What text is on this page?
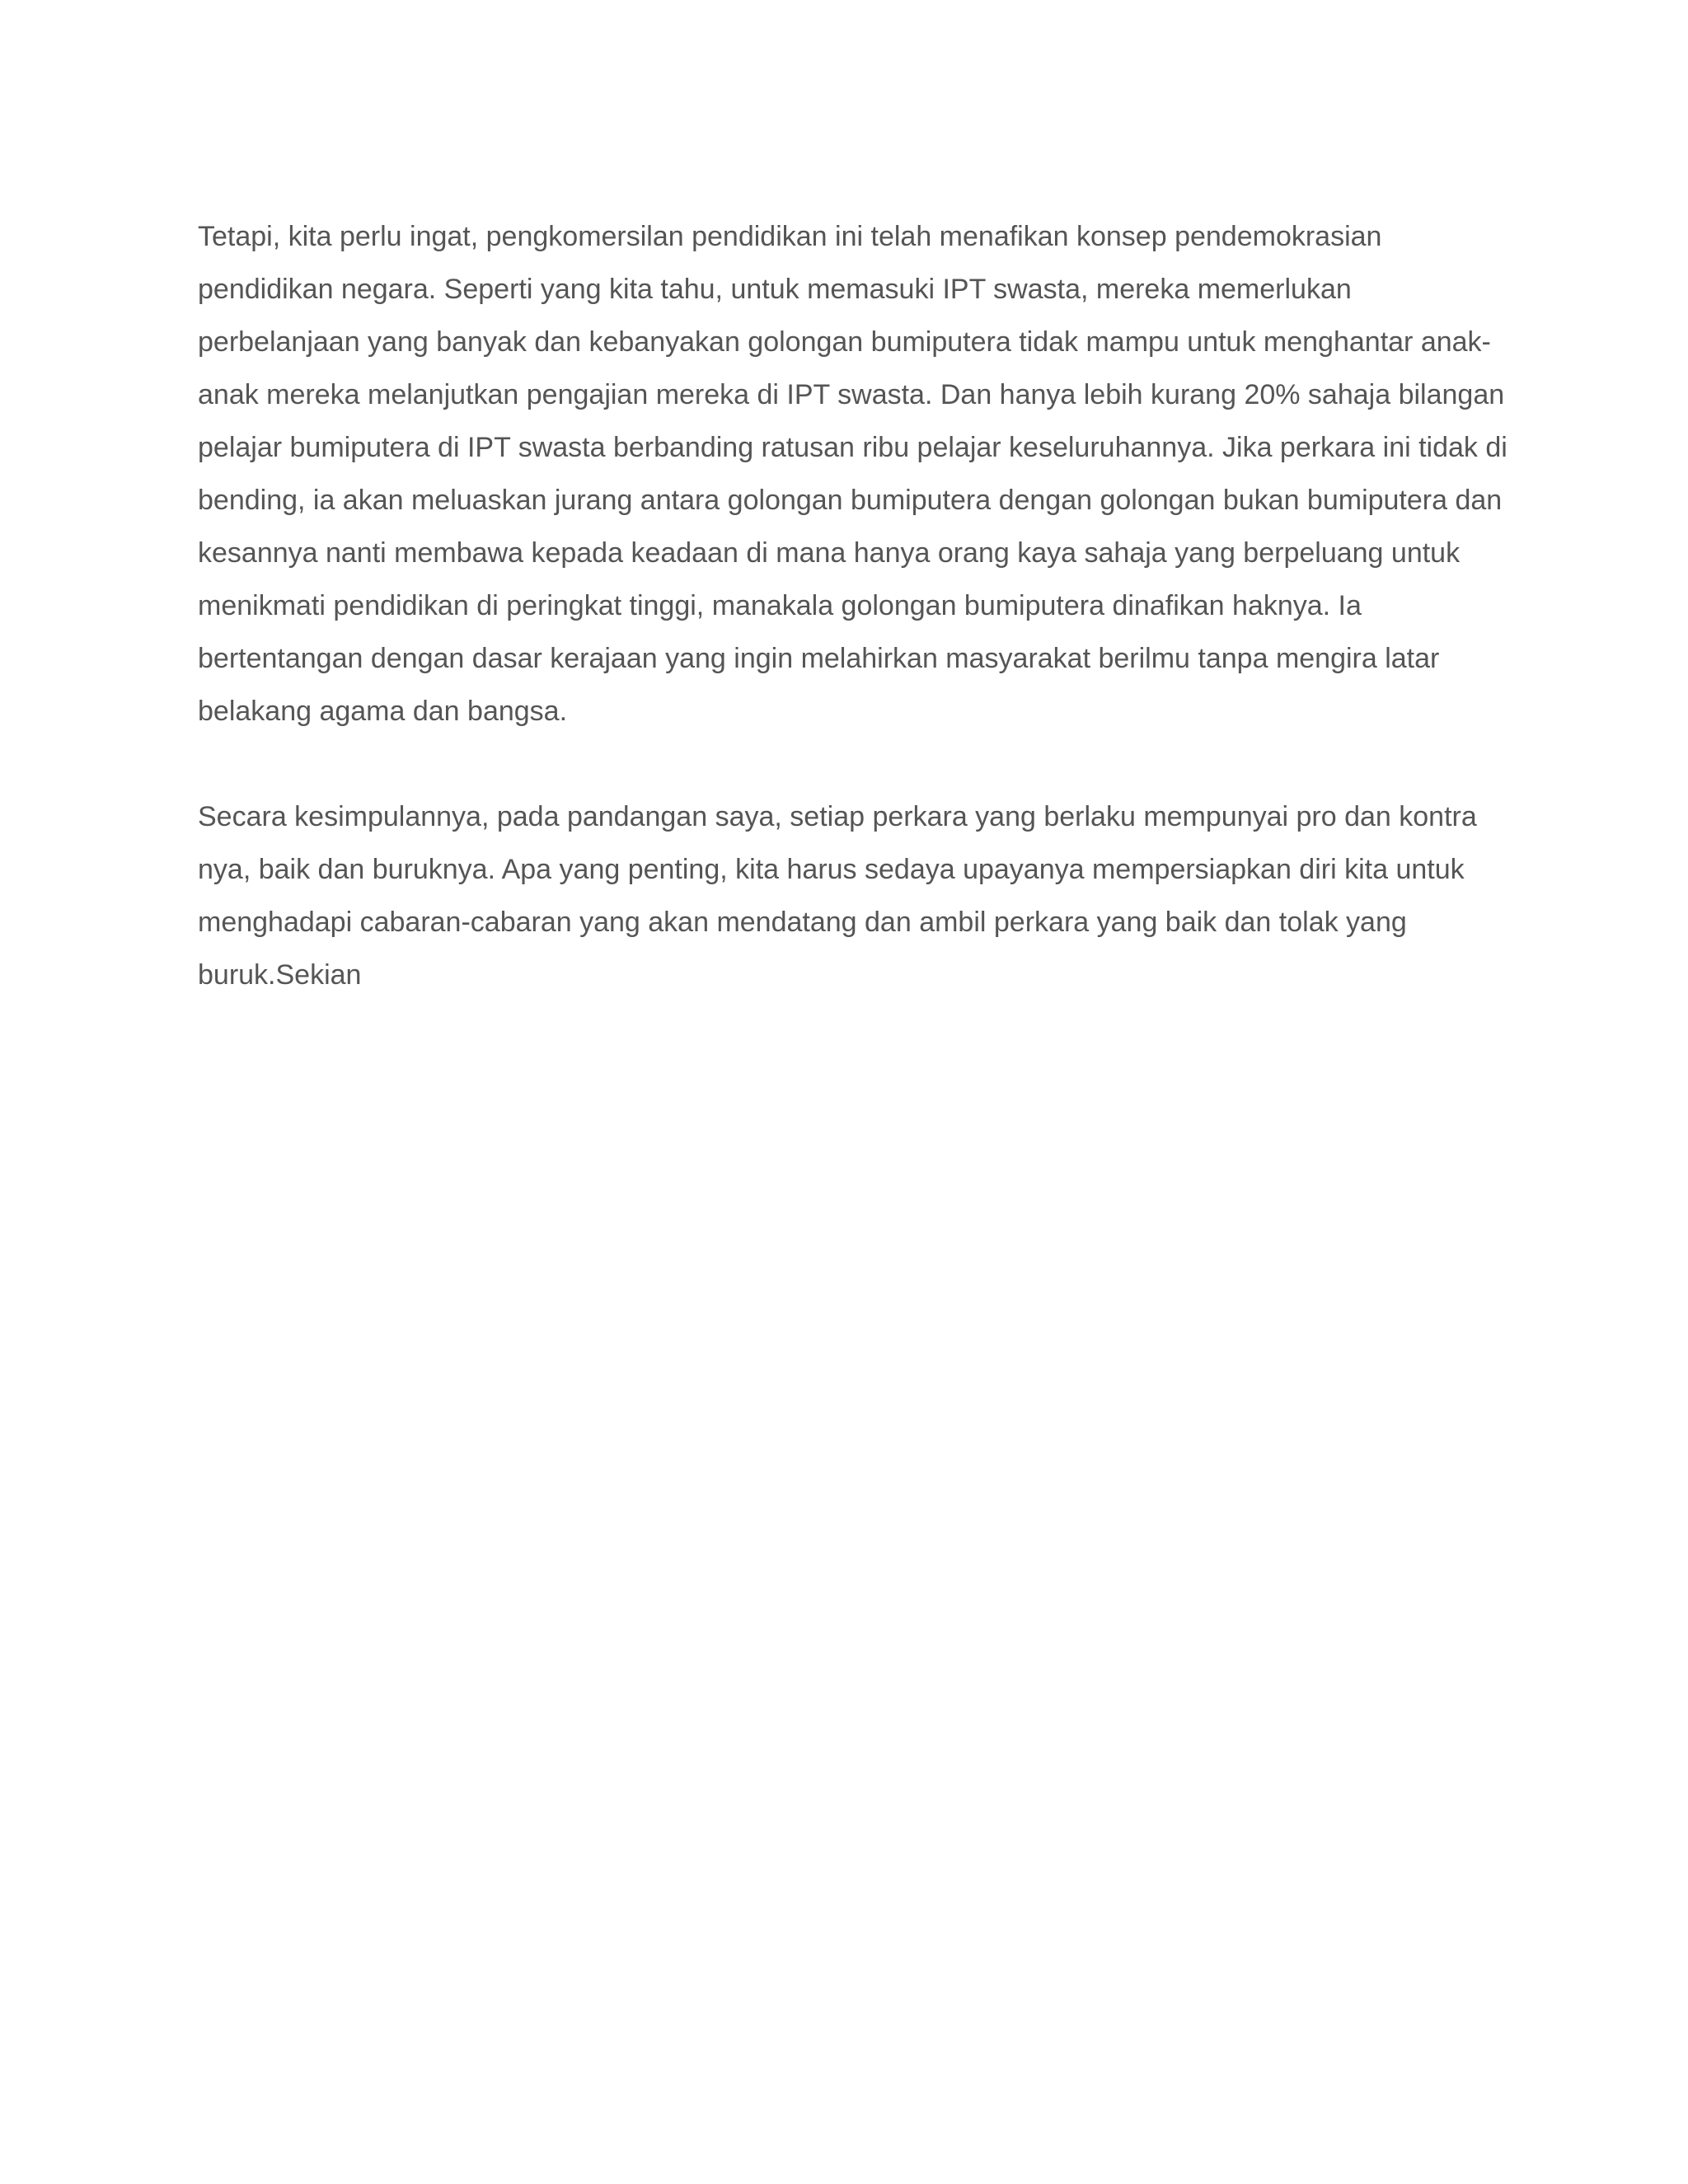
Tetapi, kita perlu ingat, pengkomersilan pendidikan ini telah menafikan konsep pendemokrasian
pendidikan negara. Seperti yang kita tahu, untuk memasuki IPT swasta, mereka memerlukan
perbelanjaan yang banyak dan kebanyakan golongan bumiputera tidak mampu untuk menghantar anak-
anak mereka melanjutkan pengajian mereka di IPT swasta. Dan hanya lebih kurang 20% sahaja bilangan
pelajar bumiputera di IPT swasta berbanding ratusan ribu pelajar keseluruhannya. Jika perkara ini tidak di
bending, ia akan meluaskan jurang antara golongan bumiputera dengan golongan bukan bumiputera dan
kesannya nanti membawa kepada keadaan di mana hanya orang kaya sahaja yang berpeluang untuk
menikmati pendidikan di peringkat tinggi, manakala golongan bumiputera dinafikan haknya. Ia
bertentangan dengan dasar kerajaan yang ingin melahirkan masyarakat berilmu tanpa mengira latar
belakang agama dan bangsa.

Secara kesimpulannya, pada pandangan saya, setiap perkara yang berlaku mempunyai pro dan kontra
nya, baik dan buruknya. Apa yang penting, kita harus sedaya upayanya mempersiapkan diri kita untuk
menghadapi cabaran-cabaran yang akan mendatang dan ambil perkara yang baik dan tolak yang
buruk.Sekian
